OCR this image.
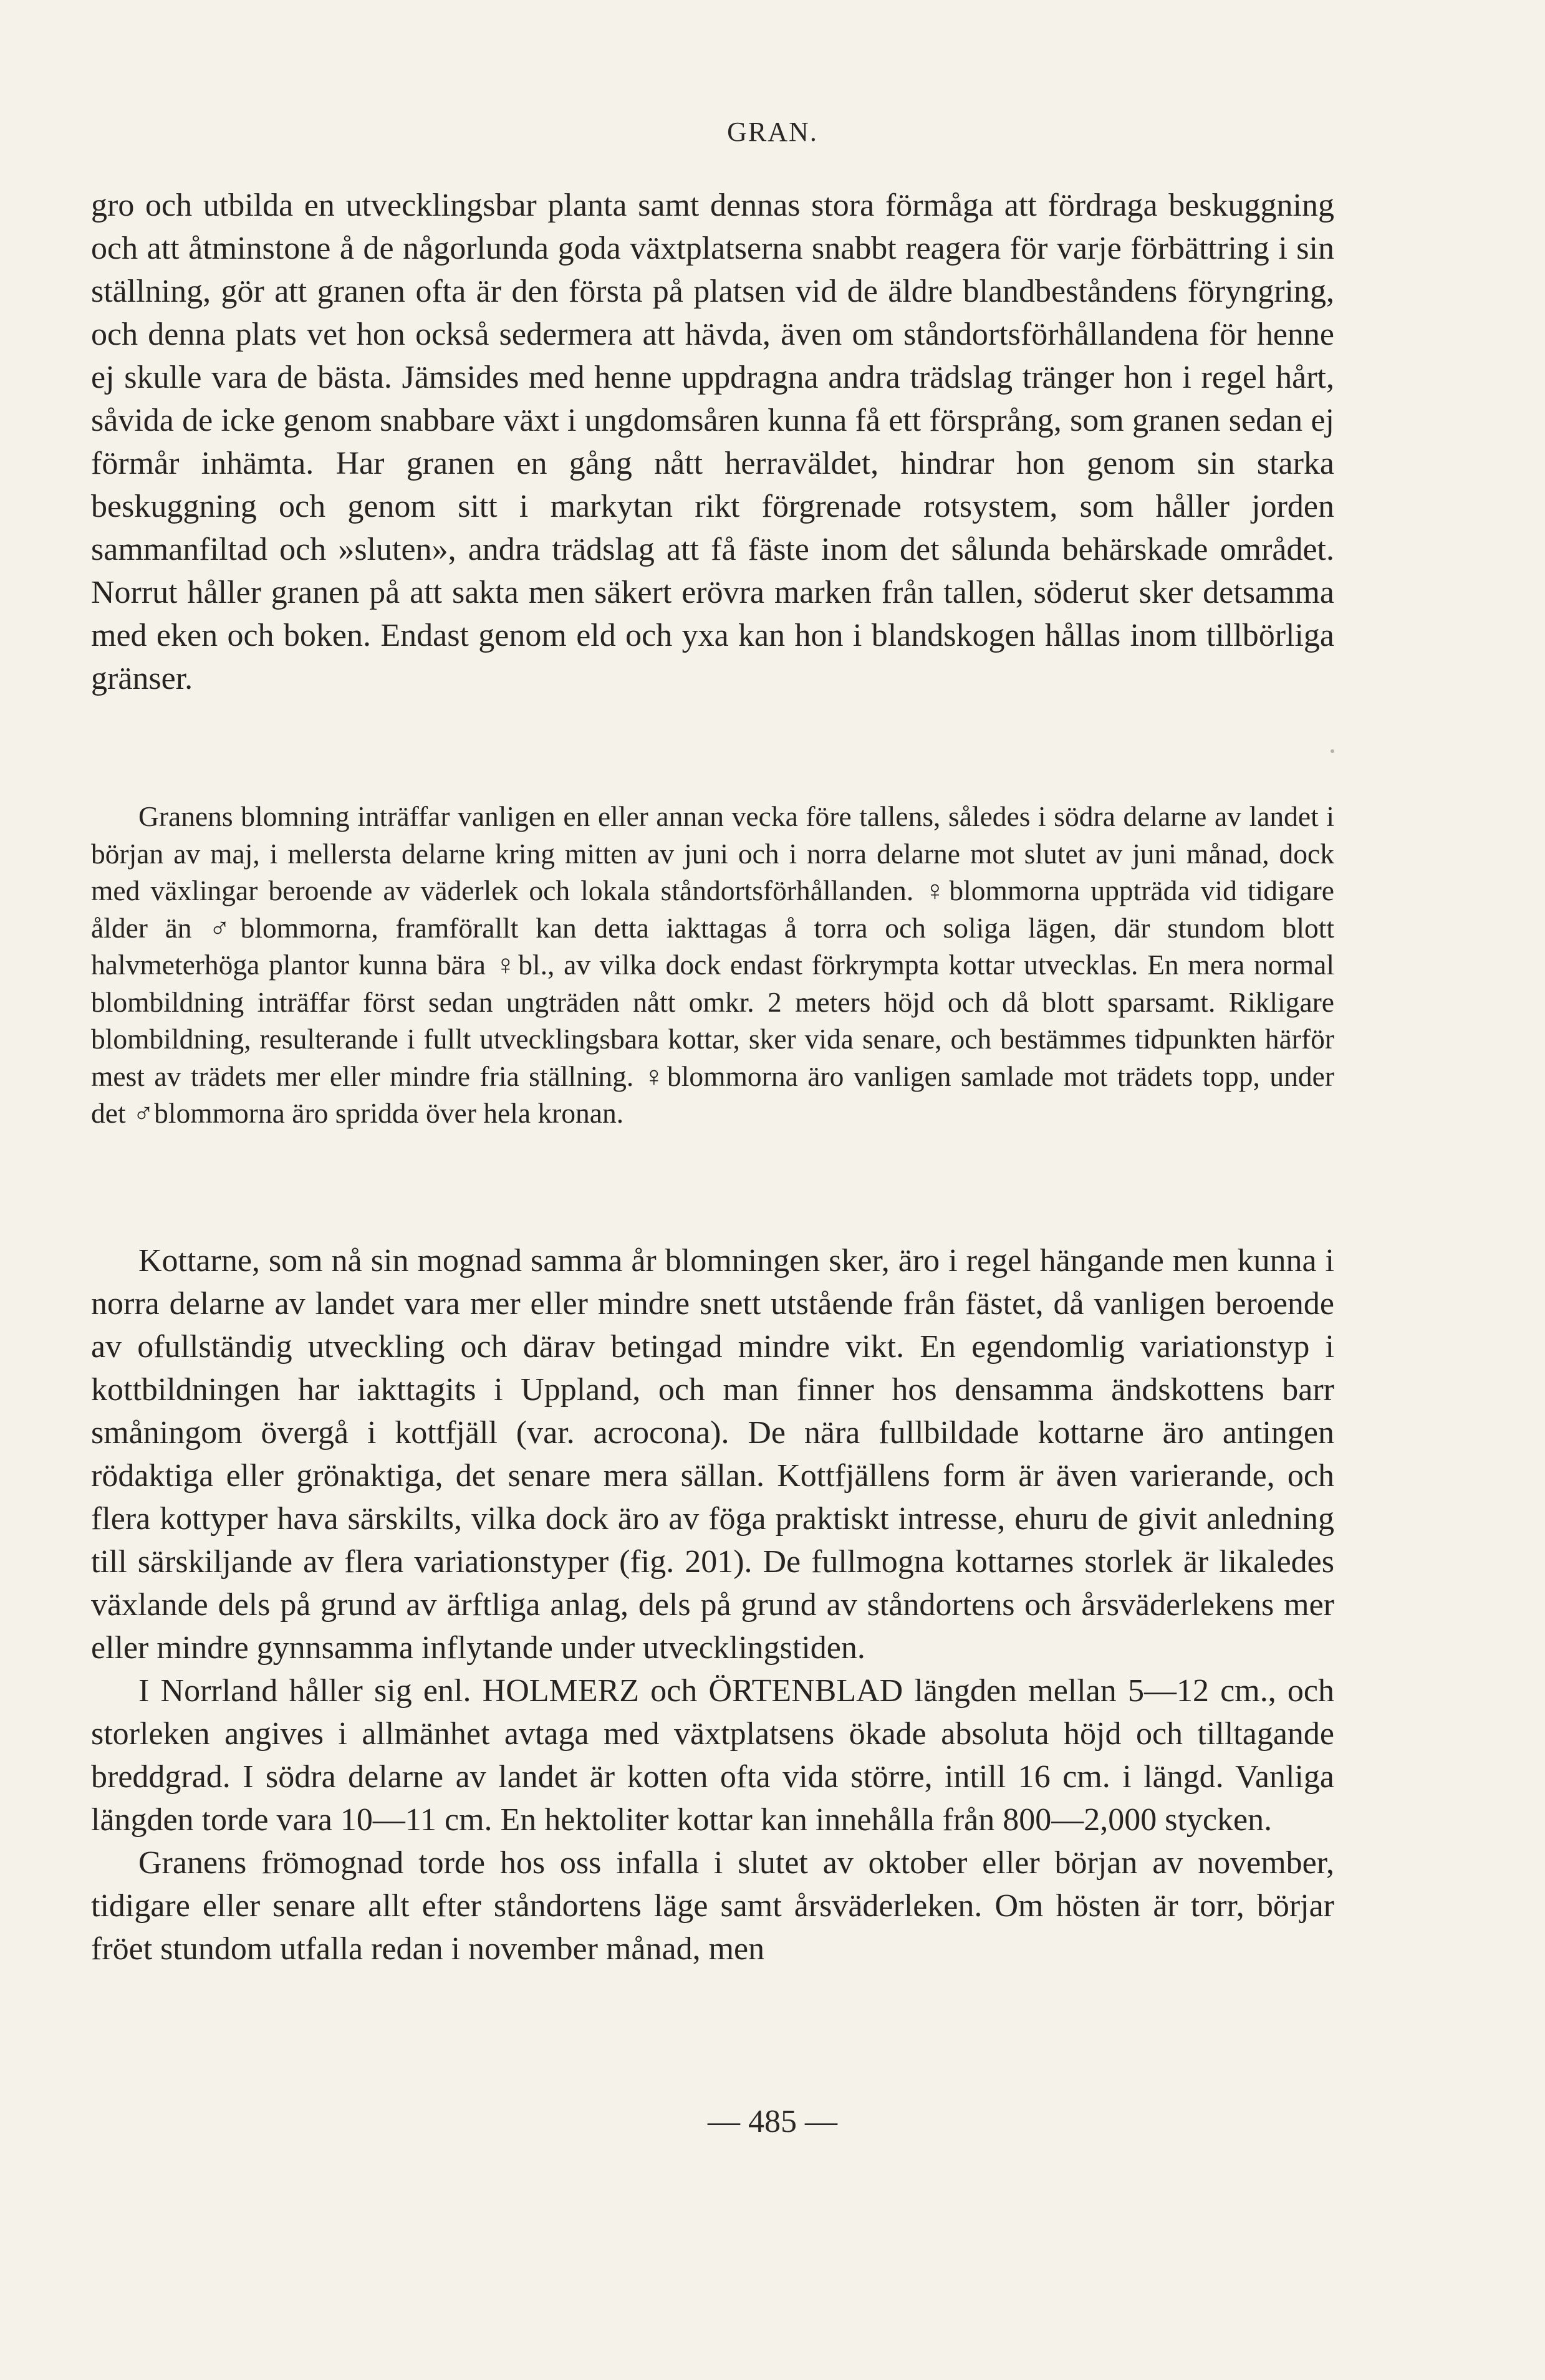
GRAN.

gro och utbilda en utvecklingsbar planta samt dennas stora förmåga att fördraga beskuggning och att åtminstone å de någorlunda goda växtplatserna snabbt reagera för varje förbättring i sin ställning, gör att granen ofta är den första på platsen vid de äldre blandbeståndens föryngring, och denna plats vet hon också sedermera att hävda, även om ståndortsförhållandena för henne ej skulle vara de bästa. Jämsides med henne uppdragna andra trädslag tränger hon i regel hårt, såvida de icke genom snabbare växt i ungdomsåren kunna få ett försprång, som granen sedan ej förmår inhämta. Har granen en gång nått herraväldet, hindrar hon genom sin starka beskuggning och genom sitt i markytan rikt förgrenade rotsystem, som håller jorden sammanfiltad och »sluten», andra trädslag att få fäste inom det sålunda behärskade området. Norrut håller granen på att sakta men säkert erövra marken från tallen, söderut sker detsamma med eken och boken. Endast genom eld och yxa kan hon i blandskogen hållas inom tillbörliga gränser.

Granens blomning inträffar vanligen en eller annan vecka före tallens, således i södra delarne av landet i början av maj, i mellersta delarne kring mitten av juni och i norra delarne mot slutet av juni månad, dock med växlingar beroende av väderlek och lokala ståndortsförhållanden. ♀blommorna uppträda vid tidigare ålder än ♂blommorna, framförallt kan detta iakttagas å torra och soliga lägen, där stundom blott halvmeterhöga plantor kunna bära ♀bl., av vilka dock endast förkrympta kottar utvecklas. En mera normal blombildning inträffar först sedan ungträden nått omkr. 2 meters höjd och då blott sparsamt. Rikligare blombildning, resulterande i fullt utvecklingsbara kottar, sker vida senare, och bestämmes tidpunkten härför mest av trädets mer eller mindre fria ställning. ♀blommorna äro vanligen samlade mot trädets topp, under det ♂blommorna äro spridda över hela kronan.

Kottarne, som nå sin mognad samma år blomningen sker, äro i regel hängande men kunna i norra delarne av landet vara mer eller mindre snett utstående från fästet, då vanligen beroende av ofullständig utveckling och därav betingad mindre vikt. En egendomlig variationstyp i kottbildningen har iakttagits i Uppland, och man finner hos densamma ändskottens barr småningom övergå i kottfjäll (var. acrocona). De nära fullbildade kottarne äro antingen rödaktiga eller grönaktiga, det senare mera sällan. Kottfjällens form är även varierande, och flera kottyper hava särskilts, vilka dock äro av föga praktiskt intresse, ehuru de givit anledning till särskiljande av flera variationstyper (fig. 201). De fullmogna kottarnes storlek är likaledes växlande dels på grund av ärftliga anlag, dels på grund av ståndortens och årsväderlekens mer eller mindre gynnsamma inflytande under utvecklingstiden.

I Norrland håller sig enl. HOLMERZ och ÖRTENBLAD längden mellan 5—12 cm., och storleken angives i allmänhet avtaga med växtplatsens ökade absoluta höjd och tilltagande breddgrad. I södra delarne av landet är kotten ofta vida större, intill 16 cm. i längd. Vanliga längden torde vara 10—11 cm. En hektoliter kottar kan innehålla från 800—2,000 stycken.

Granens frömognad torde hos oss infalla i slutet av oktober eller början av november, tidigare eller senare allt efter ståndortens läge samt årsväderleken. Om hösten är torr, börjar fröet stundom utfalla redan i november månad, men

— 485 —
